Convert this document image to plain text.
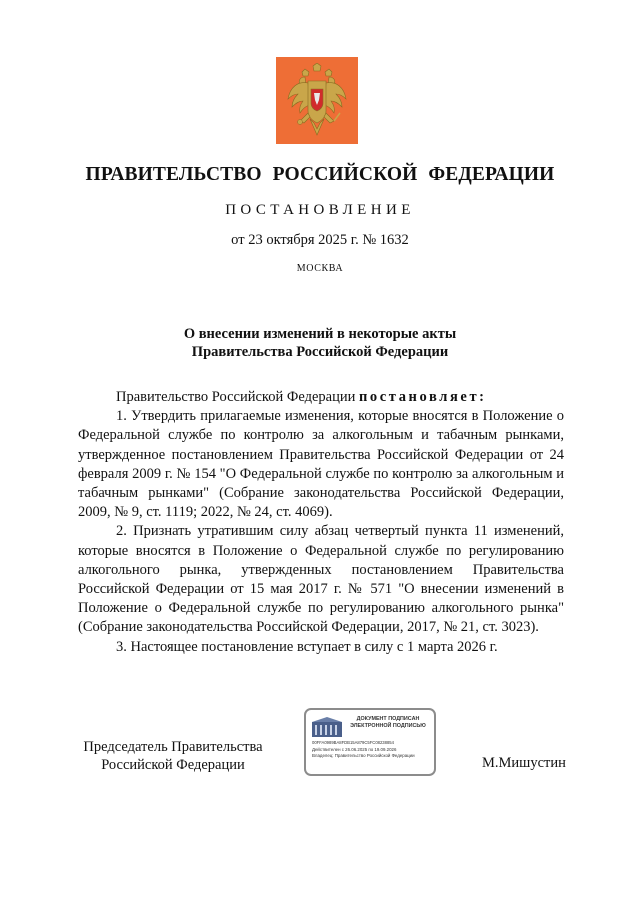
ПРАВИТЕЛЬСТВО РОССИЙСКОЙ ФЕДЕРАЦИИ
ПОСТАНОВЛЕНИЕ
от 23 октября 2025 г. № 1632
МОСКВА
О внесении изменений в некоторые акты
Правительства Российской Федерации

Правительство Российской Федерации постановляет:

1. Утвердить прилагаемые изменения, которые вносятся в Положение о Федеральной службе по контролю за алкогольным и табачным рынками, утвержденное постановлением Правительства Российской Федерации от 24 февраля 2009 г. № 154 "О Федеральной службе по контролю за алкогольным и табачным рынками" (Собрание законодательства Российской Федерации, 2009, № 9, ст. 1119; 2022, № 24, ст. 4069).

2. Признать утратившим силу абзац четвертый пункта 11 изменений, которые вносятся в Положение о Федеральной службе по регулированию алкогольного рынка, утвержденных постановлением Правительства Российской Федерации от 15 мая 2017 г. № 571 "О внесении изменений в Положение о Федеральной службе по регулированию алкогольного рынка" (Собрание законодательства Российской Федерации, 2017, № 21, ст. 3023).

3. Настоящее постановление вступает в силу с 1 марта 2026 г.

Председатель Правительства
Российской Федерации
ДОКУМЕНТ ПОДПИСАН
ЭЛЕКТРОННОЙ ПОДПИСЬЮ
00FFA0989BA8FDB15A879C5FC08238854
Действителен с 26.06.2025 по 19.09.2026
Владелец: Правительство Российской Федерации	М.Мишустин
